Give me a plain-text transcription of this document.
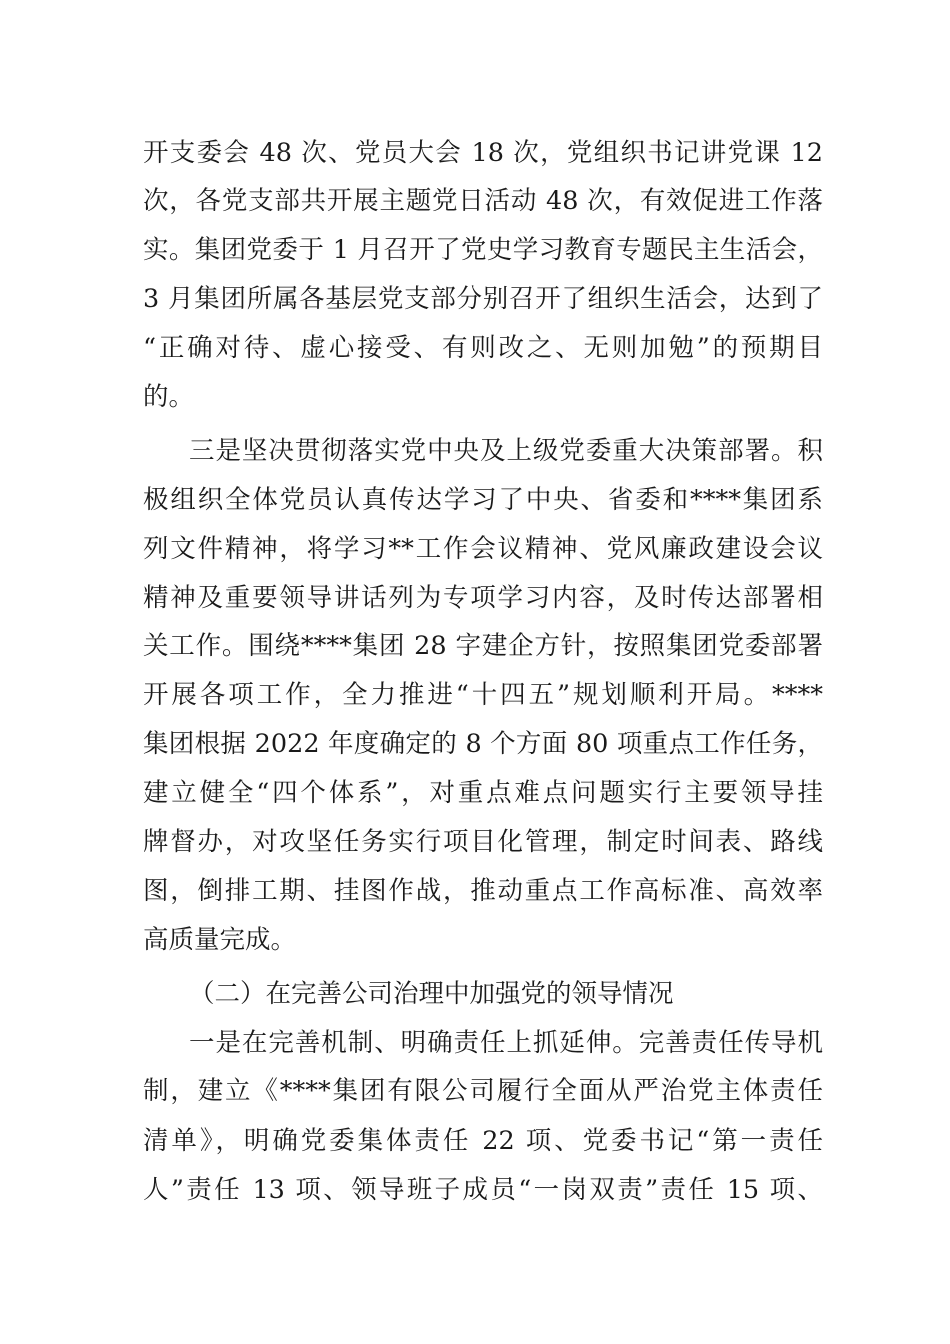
开支委会 48 次、党员大会 18 次，党组织书记讲党课 12
次，各党支部共开展主题党日活动 48 次，有效促进工作落
实。集团党委于 1 月召开了党史学习教育专题民主生活会，
3 月集团所属各基层党支部分别召开了组织生活会，达到了
“正确对待、虚心接受、有则改之、无则加勉”的预期目
的。
三是坚决贯彻落实党中央及上级党委重大决策部署。积
极组织全体党员认真传达学习了中央、省委和****集团系
列文件精神，将学习**工作会议精神、党风廉政建设会议
精神及重要领导讲话列为专项学习内容，及时传达部署相
关工作。围绕****集团 28 字建企方针，按照集团党委部署
开展各项工作，全力推进“十四五”规划顺利开局。****
集团根据 2022 年度确定的 8 个方面 80 项重点工作任务，
建立健全“四个体系”，对重点难点问题实行主要领导挂
牌督办，对攻坚任务实行项目化管理，制定时间表、路线
图，倒排工期、挂图作战，推动重点工作高标准、高效率
高质量完成。
（二）在完善公司治理中加强党的领导情况
一是在完善机制、明确责任上抓延伸。完善责任传导机
制，建立《****集团有限公司履行全面从严治党主体责任
清单》，明确党委集体责任 22 项、党委书记“第一责任
人”责任 13 项、领导班子成员“一岗双责”责任 15 项、
